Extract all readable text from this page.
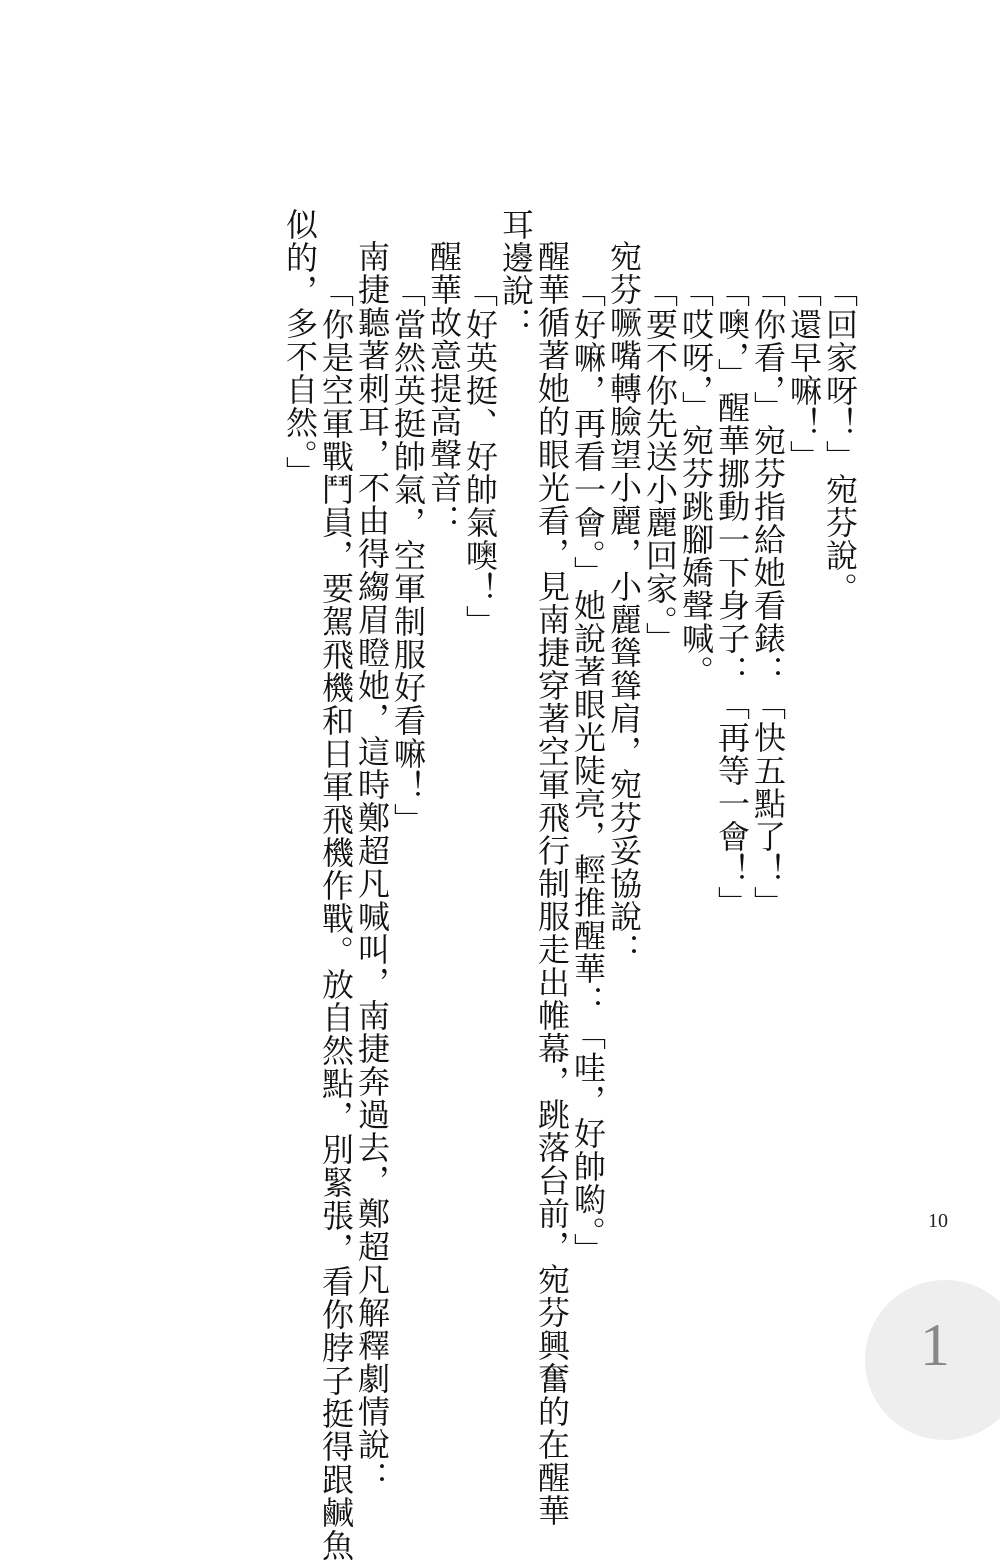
「回家呀！」宛芬說。
「還早嘛！」
「你看，」宛芬指給她看錶：「快五點了！」
「噢，」醒華挪動一下身子：「再等一會！」
「哎呀，」宛芬跳腳嬌聲喊。
「要不你先送小麗回家。」
宛芬噘嘴轉臉望小麗，小麗聳聳肩，宛芬妥協說：
「好嘛，再看一會。」她說著眼光陡亮，輕推醒華：「哇，好帥喲。」
醒華循著她的眼光看，見南捷穿著空軍飛行制服走出帷幕，跳落台前，宛芬興奮的在醒華
耳邊說：
「好英挺、好帥氣噢！」
醒華故意提高聲音：
「當然英挺帥氣，空軍制服好看嘛！」
南捷聽著刺耳，不由得縐眉瞪她，這時鄭超凡喊叫，南捷奔過去，鄭超凡解釋劇情說：
「你是空軍戰鬥員，要駕飛機和日軍飛機作戰。放自然點，別緊張，看你脖子挺得跟鹹魚
似的，多不自然。」
10
1
